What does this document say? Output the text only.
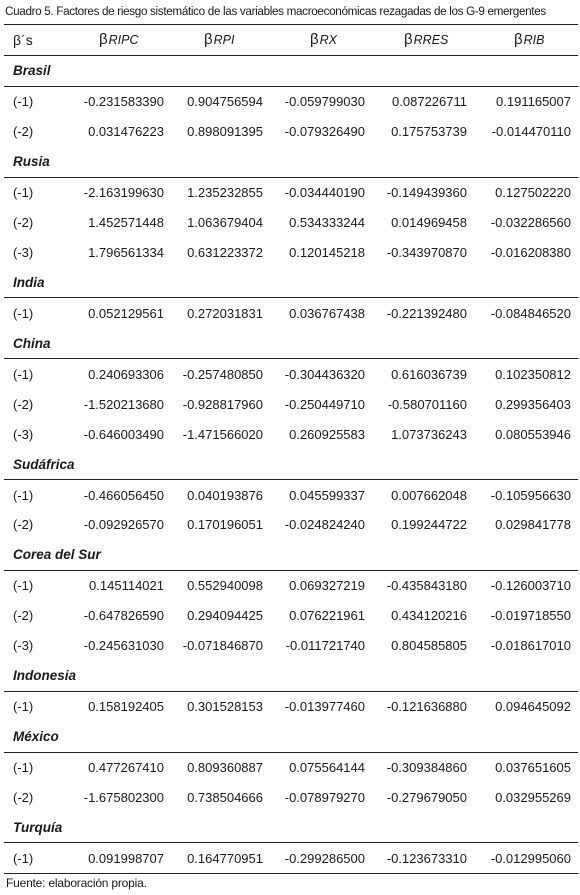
Cuadro 5. Factores de riesgo sistemático de las variables macroeconómicas rezagadas de los G-9 emergentes
β´s	β RIPC	β RPI	β RX	β RRES	β RIB
Brasil
(-1)	-0.231583390	0.904756594	-0.059799030	0.087226711	0.191165007
(-2)	0.031476223	0.898091395	-0.079326490	0.175753739	-0.014470110
Rusia
(-1)	-2.163199630	1.235232855	-0.034440190	-0.149439360	0.127502220
(-2)	1.452571448	1.063679404	0.534333244	0.014969458	-0.032286560
(-3)	1.796561334	0.631223372	0.120145218	-0.343970870	-0.016208380
India
(-1)	0.052129561	0.272031831	0.036767438	-0.221392480	-0.084846520
China
(-1)	0.240693306	-0.257480850	-0.304436320	0.616036739	0.102350812
(-2)	-1.520213680	-0.928817960	-0.250449710	-0.580701160	0.299356403
(-3)	-0.646003490	-1.471566020	0.260925583	1.073736243	0.080553946
Sudáfrica
(-1)	-0.466056450	0.040193876	0.045599337	0.007662048	-0.105956630
(-2)	-0.092926570	0.170196051	-0.024824240	0.199244722	0.029841778
Corea del Sur
(-1)	0.145114021	0.552940098	0.069327219	-0.435843180	-0.126003710
(-2)	-0.647826590	0.294094425	0.076221961	0.434120216	-0.019718550
(-3)	-0.245631030	-0.071846870	-0.011721740	0.804585805	-0.018617010
Indonesia
(-1)	0.158192405	0.301528153	-0.013977460	-0.121636880	0.094645092
México
(-1)	0.477267410	0.809360887	0.075564144	-0.309384860	0.037651605
(-2)	-1.675802300	0.738504666	-0.078979270	-0.279679050	0.032955269
Turquía
(-1)	0.091998707	0.164770951	-0.299286500	-0.123673310	-0.012995060
Fuente: elaboración propia.
